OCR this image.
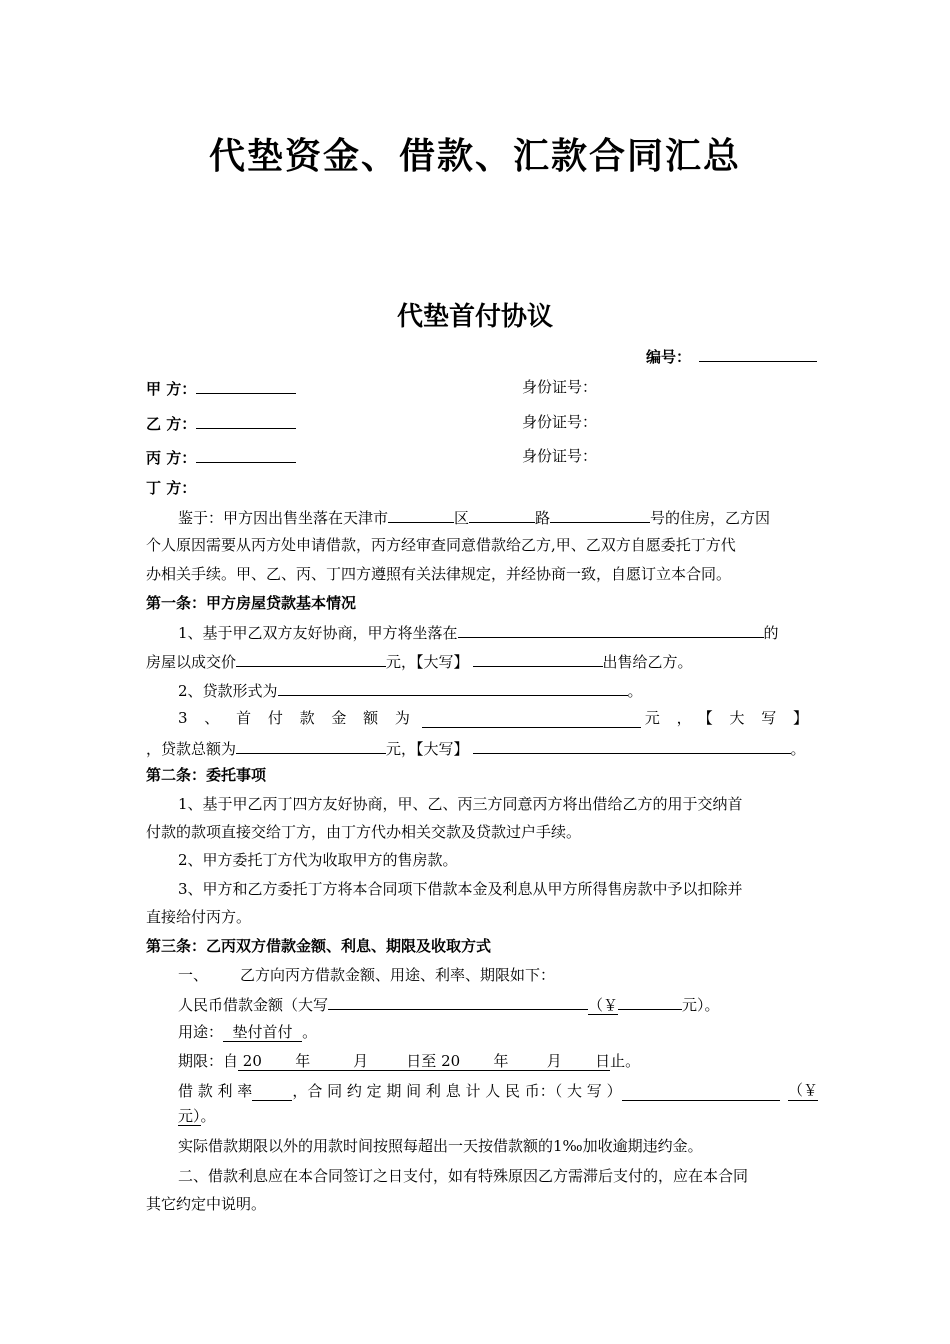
代垫资金、借款、汇款合同汇总
代垫首付协议
编号：
甲 方：	身份证号：
乙 方：	身份证号：
丙 方：	身份证号：
丁 方：
鉴于：甲方因出售坐落在天津市	区	路	号的住房，乙方因
个人原因需要从丙方处申请借款，丙方经审查同意借款给乙方,甲、乙双方自愿委托丁方代
办相关手续。甲、乙、丙、丁四方遵照有关法律规定，并经协商一致，自愿订立本合同。
第一条：甲方房屋贷款基本情况
1、基于甲乙双方友好协商，甲方将坐落在	的
房屋以成交价	元，【大写】	出售给乙方。
2、贷款形式为	。
3 、 首 付 款 金 额 为	元 ， 【 大 写 】
，贷款总额为	元，【大写】	。
第二条：委托事项
1、基于甲乙丙丁四方友好协商，甲、乙、丙三方同意丙方将出借给乙方的用于交纳首
付款的款项直接交给丁方，由丁方代办相关交款及贷款过户手续。
2、甲方委托丁方代为收取甲方的售房款。
3、甲方和乙方委托丁方将本合同项下借款本金及利息从甲方所得售房款中予以扣除并
直接给付丙方。
第三条：乙丙双方借款金额、利息、期限及收取方式
一、 乙方向丙方借款金额、用途、利率、期限如下：
人民币借款金额（大写	（￥	元）。
用途：  垫付首付  。
期限：自 20       年         月        日至 20       年        月       日止。
借 款 利 率	，合 同 约 定 期 间 利 息 计 人 民 币：（ 大 写 ）	（￥
元）。
实际借款期限以外的用款时间按照每超出一天按借款额的1‰加收逾期违约金。
二、借款利息应在本合同签订之日支付，如有特殊原因乙方需滞后支付的，应在本合同
其它约定中说明。
